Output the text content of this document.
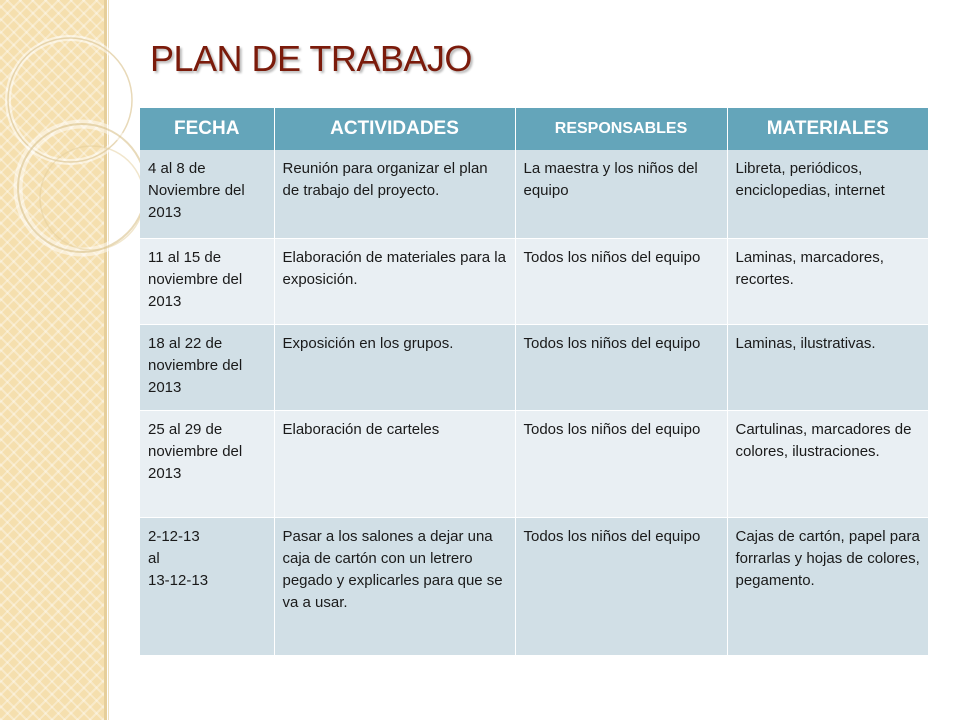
PLAN DE TRABAJO
FECHA	ACTIVIDADES	RESPONSABLES	MATERIALES
4 al 8 de Noviembre del 2013	Reunión para organizar el plan de trabajo del proyecto.	La maestra y los niños del equipo	Libreta, periódicos, enciclopedias, internet
11 al 15 de noviembre del 2013	Elaboración de materiales para la exposición.	Todos los niños del equipo	Laminas, marcadores, recortes.
18 al 22 de noviembre del 2013	Exposición en los grupos.	Todos los niños del equipo	Laminas, ilustrativas.
25 al 29 de noviembre del 2013	Elaboración de carteles	Todos los niños del equipo	Cartulinas, marcadores de colores, ilustraciones.
2-12-13
al
13-12-13	Pasar a los salones a dejar una caja de cartón con un letrero pegado y explicarles para que se va a usar.	Todos los niños del equipo	Cajas de cartón, papel para forrarlas y hojas de colores, pegamento.
